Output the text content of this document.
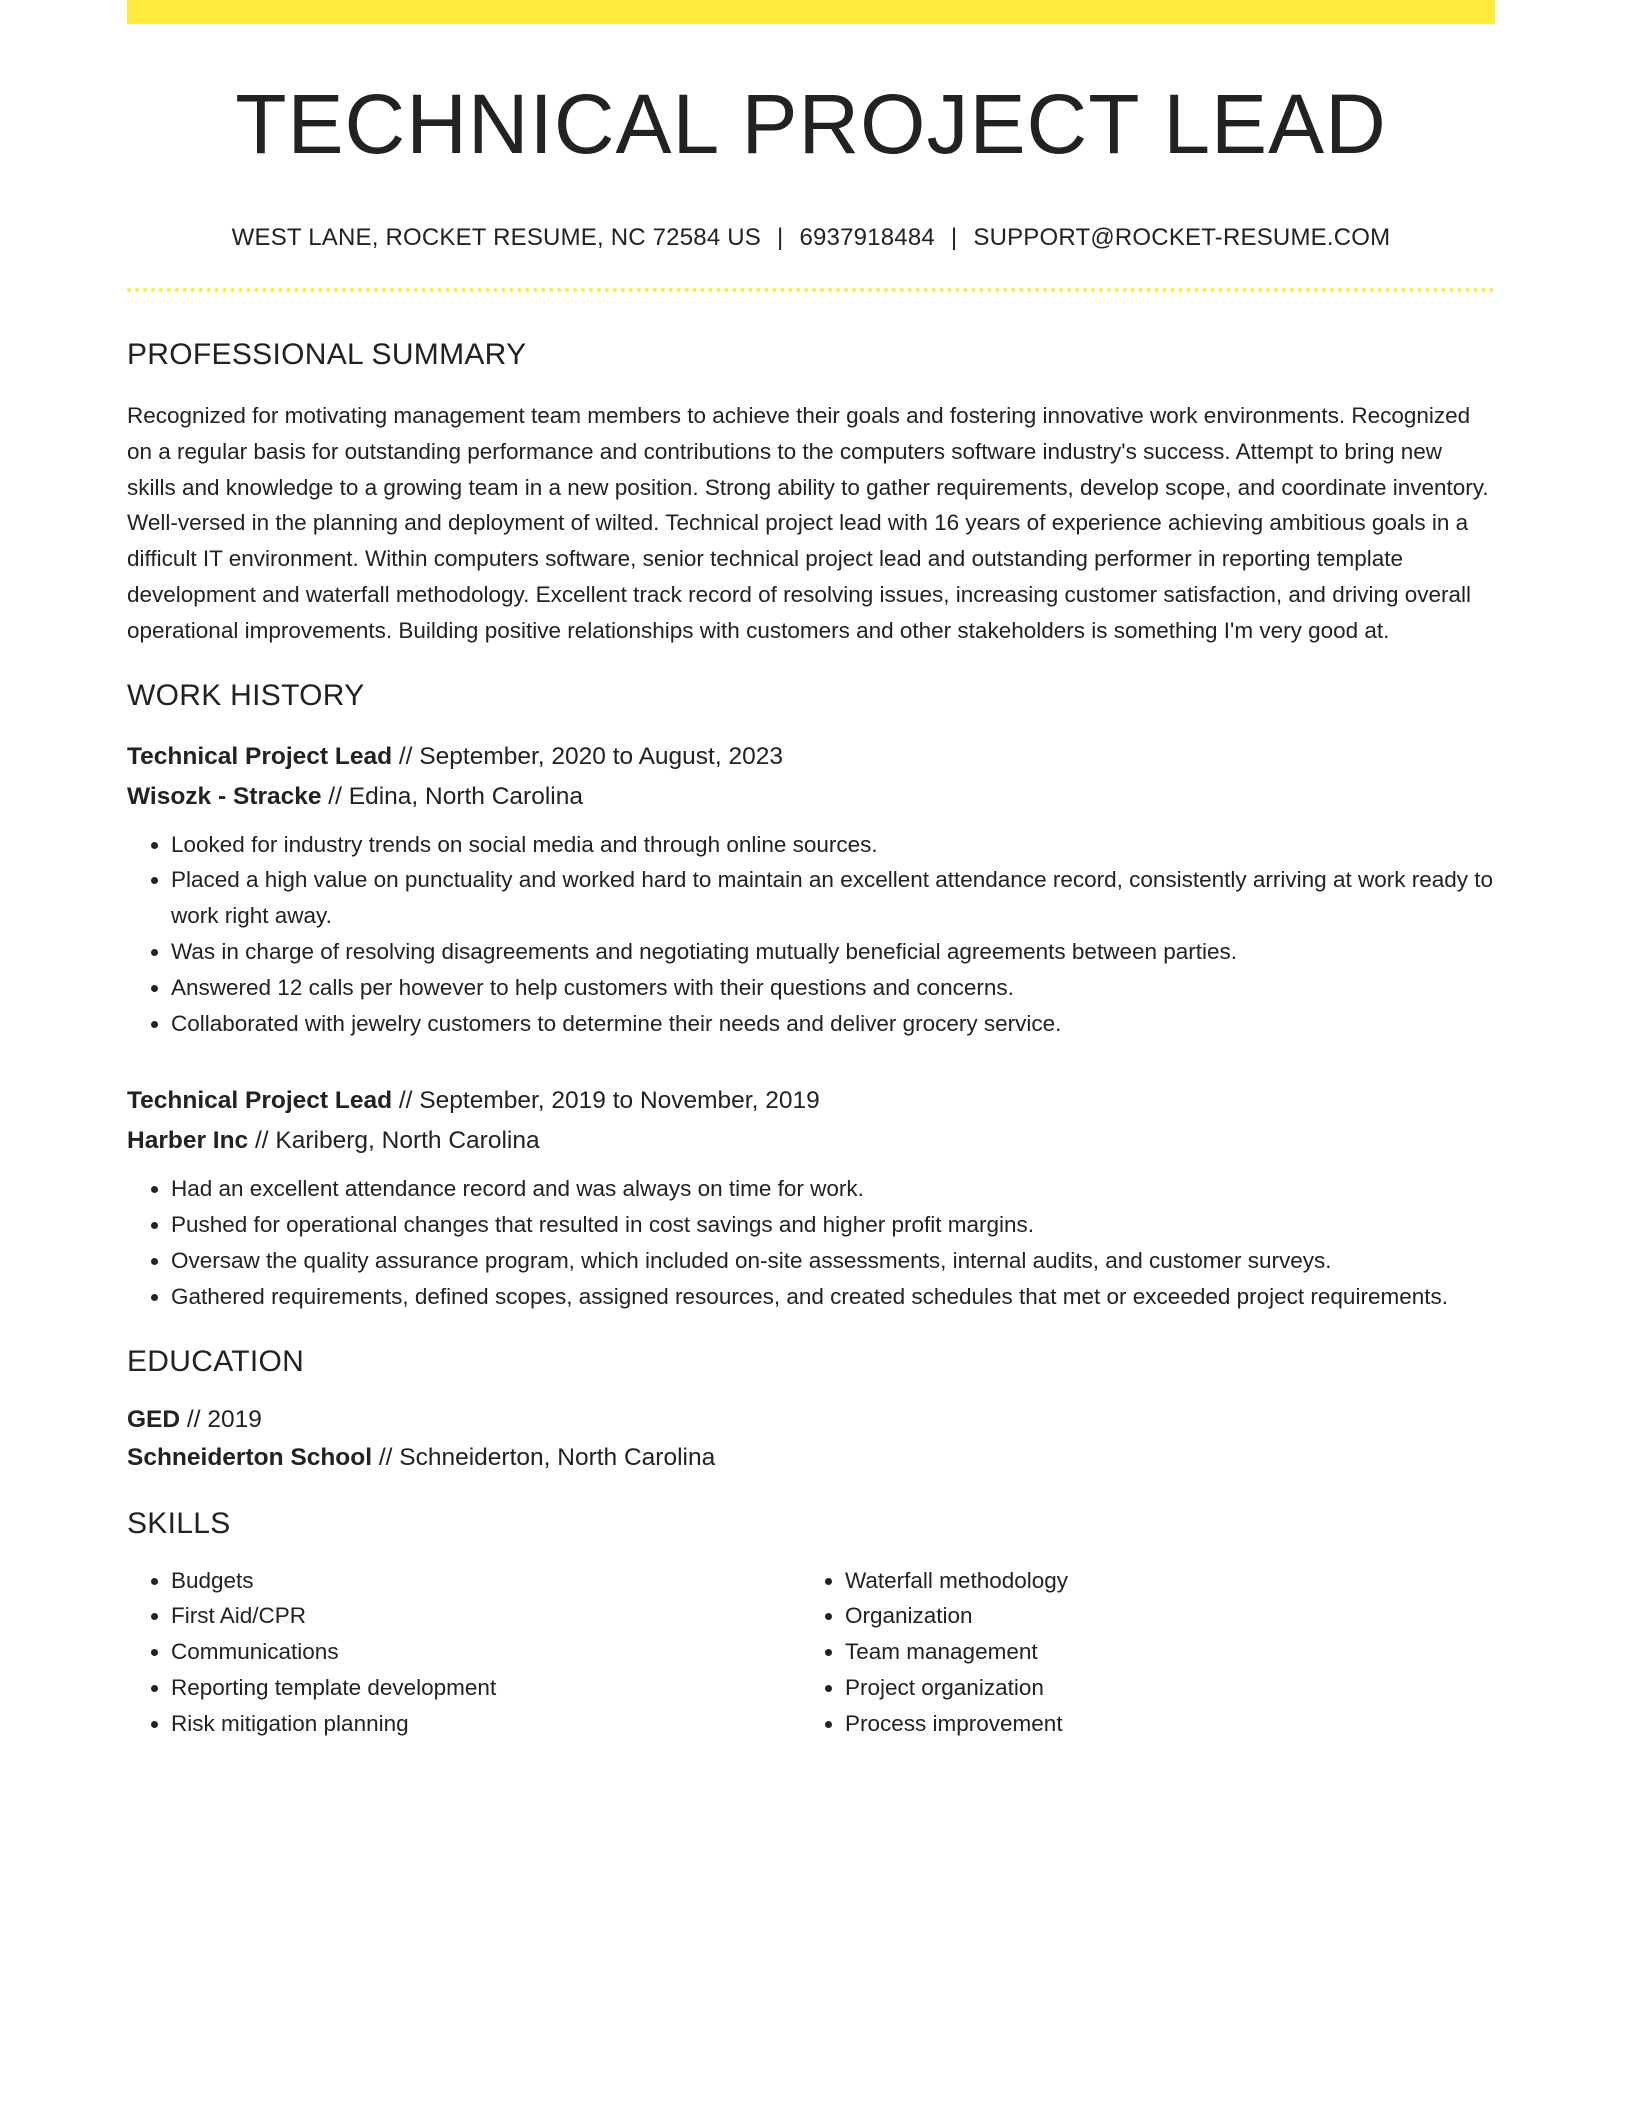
TECHNICAL PROJECT LEAD
WEST LANE, ROCKET RESUME, NC 72584 US | 6937918484 | SUPPORT@ROCKET-RESUME.COM
PROFESSIONAL SUMMARY
Recognized for motivating management team members to achieve their goals and fostering innovative work environments. Recognized on a regular basis for outstanding performance and contributions to the computers software industry's success. Attempt to bring new skills and knowledge to a growing team in a new position. Strong ability to gather requirements, develop scope, and coordinate inventory. Well-versed in the planning and deployment of wilted. Technical project lead with 16 years of experience achieving ambitious goals in a difficult IT environment. Within computers software, senior technical project lead and outstanding performer in reporting template development and waterfall methodology. Excellent track record of resolving issues, increasing customer satisfaction, and driving overall operational improvements. Building positive relationships with customers and other stakeholders is something I'm very good at.
WORK HISTORY
Technical Project Lead // September, 2020 to August, 2023
Wisozk - Stracke // Edina, North Carolina
• Looked for industry trends on social media and through online sources.
• Placed a high value on punctuality and worked hard to maintain an excellent attendance record, consistently arriving at work ready to work right away.
• Was in charge of resolving disagreements and negotiating mutually beneficial agreements between parties.
• Answered 12 calls per however to help customers with their questions and concerns.
• Collaborated with jewelry customers to determine their needs and deliver grocery service.
Technical Project Lead // September, 2019 to November, 2019
Harber Inc // Kariberg, North Carolina
• Had an excellent attendance record and was always on time for work.
• Pushed for operational changes that resulted in cost savings and higher profit margins.
• Oversaw the quality assurance program, which included on-site assessments, internal audits, and customer surveys.
• Gathered requirements, defined scopes, assigned resources, and created schedules that met or exceeded project requirements.
EDUCATION
GED // 2019
Schneiderton School // Schneiderton, North Carolina
SKILLS
• Budgets
• First Aid/CPR
• Communications
• Reporting template development
• Risk mitigation planning
• Waterfall methodology
• Organization
• Team management
• Project organization
• Process improvement
